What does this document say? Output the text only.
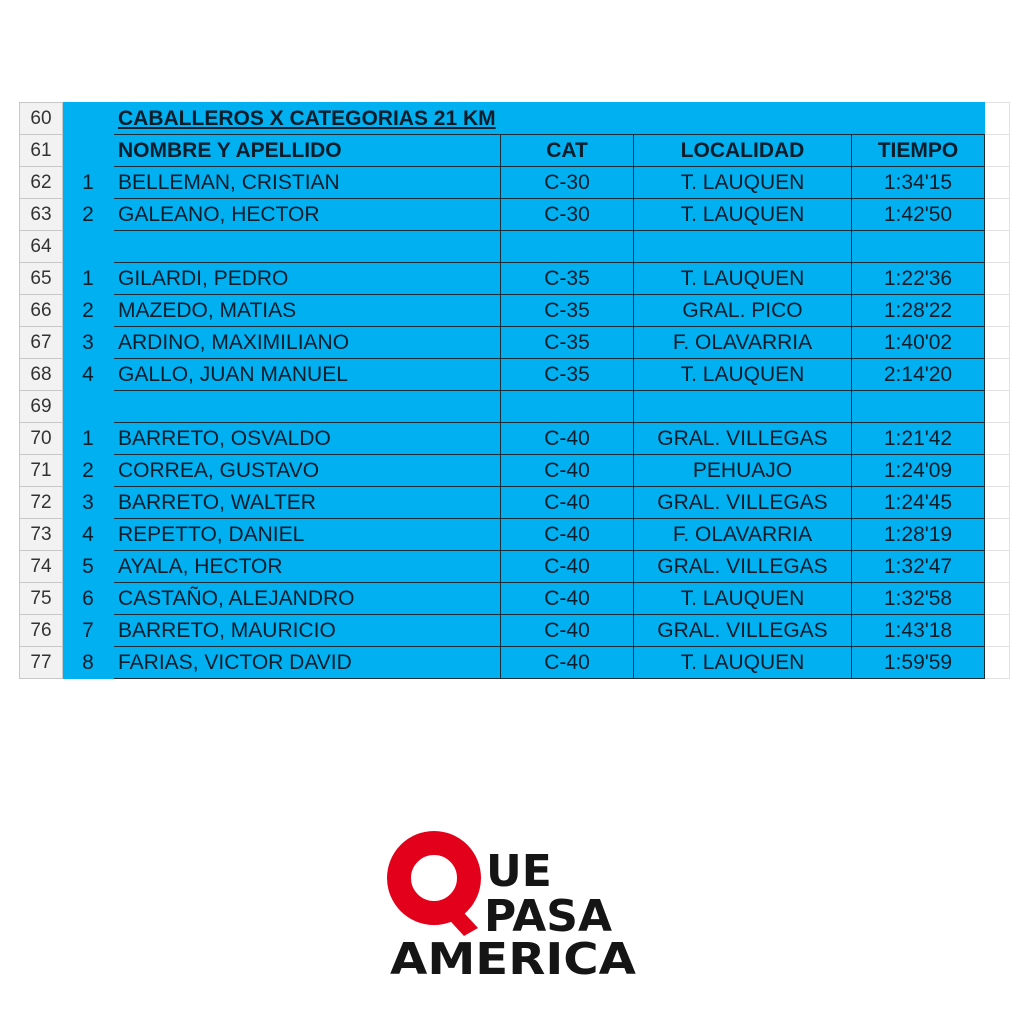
60		CABALLEROS X CATEGORIAS 21 KM				
61		NOMBRE Y APELLIDO	CAT	LOCALIDAD	TIEMPO	
62	1	BELLEMAN, CRISTIAN	C-30	T. LAUQUEN	1:34'15	
63	2	GALEANO, HECTOR	C-30	T. LAUQUEN	1:42'50	
64						
65	1	GILARDI, PEDRO	C-35	T. LAUQUEN	1:22'36	
66	2	MAZEDO, MATIAS	C-35	GRAL. PICO	1:28'22	
67	3	ARDINO, MAXIMILIANO	C-35	F. OLAVARRIA	1:40'02	
68	4	GALLO, JUAN MANUEL	C-35	T. LAUQUEN	2:14'20	
69						
70	1	BARRETO, OSVALDO	C-40	GRAL. VILLEGAS	1:21'42	
71	2	CORREA, GUSTAVO	C-40	PEHUAJO	1:24'09	
72	3	BARRETO, WALTER	C-40	GRAL. VILLEGAS	1:24'45	
73	4	REPETTO, DANIEL	C-40	F. OLAVARRIA	1:28'19	
74	5	AYALA, HECTOR	C-40	GRAL. VILLEGAS	1:32'47	
75	6	CASTAÑO, ALEJANDRO	C-40	T. LAUQUEN	1:32'58	
76	7	BARRETO, MAURICIO	C-40	GRAL. VILLEGAS	1:43'18	
77	8	FARIAS, VICTOR DAVID	C-40	T. LAUQUEN	1:59'59	
UE
PASA
AMERICA
